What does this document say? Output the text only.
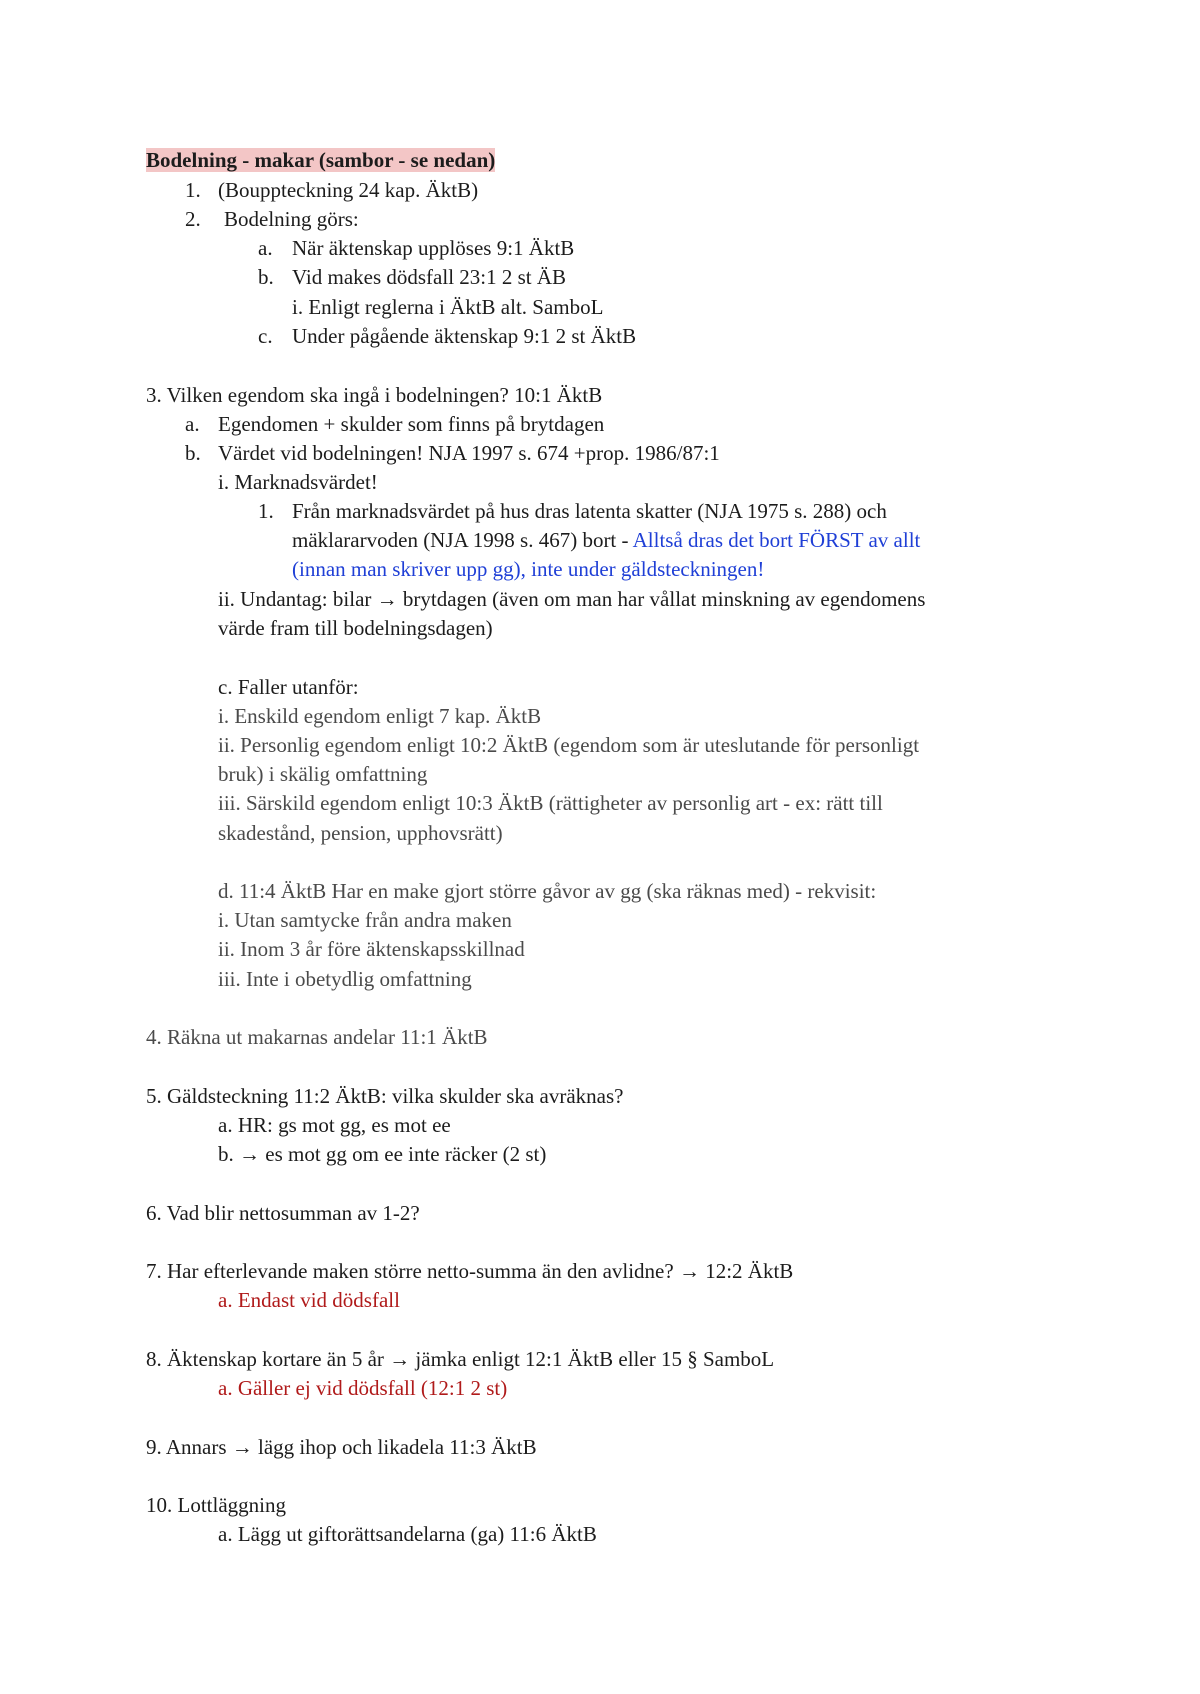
Bodelning - makar (sambor - se nedan)
1. (Bouppteckning 24 kap. ÄktB)
2. Bodelning görs:
a. När äktenskap upplöses 9:1 ÄktB
b. Vid makes dödsfall 23:1 2 st ÄB
i. Enligt reglerna i ÄktB alt. SamboL
c. Under pågående äktenskap 9:1 2 st ÄktB
3. Vilken egendom ska ingå i bodelningen? 10:1 ÄktB
a. Egendomen + skulder som finns på brytdagen
b. Värdet vid bodelningen! NJA 1997 s. 674 +prop. 1986/87:1
i. Marknadsvärdet!
1. Från marknadsvärdet på hus dras latenta skatter (NJA 1975 s. 288) och
mäklararvoden (NJA 1998 s. 467) bort - Alltså dras det bort FÖRST av allt
(innan man skriver upp gg), inte under gäldsteckningen!
ii. Undantag: bilar → brytdagen (även om man har vållat minskning av egendomens
värde fram till bodelningsdagen)
c. Faller utanför:
i. Enskild egendom enligt 7 kap. ÄktB
ii. Personlig egendom enligt 10:2 ÄktB (egendom som är uteslutande för personligt
bruk) i skälig omfattning
iii. Särskild egendom enligt 10:3 ÄktB (rättigheter av personlig art - ex: rätt till
skadestånd, pension, upphovsrätt)
d. 11:4 ÄktB Har en make gjort större gåvor av gg (ska räknas med) - rekvisit:
i. Utan samtycke från andra maken
ii. Inom 3 år före äktenskapsskillnad
iii. Inte i obetydlig omfattning
4. Räkna ut makarnas andelar 11:1 ÄktB
5. Gäldsteckning 11:2 ÄktB: vilka skulder ska avräknas?
a. HR: gs mot gg, es mot ee
b. → es mot gg om ee inte räcker (2 st)
6. Vad blir nettosumman av 1-2?
7. Har efterlevande maken större netto-summa än den avlidne? → 12:2 ÄktB
a. Endast vid dödsfall
8. Äktenskap kortare än 5 år → jämka enligt 12:1 ÄktB eller 15 § SamboL
a. Gäller ej vid dödsfall (12:1 2 st)
9. Annars → lägg ihop och likadela 11:3 ÄktB
10. Lottläggning
a. Lägg ut giftorättsandelarna (ga) 11:6 ÄktB
